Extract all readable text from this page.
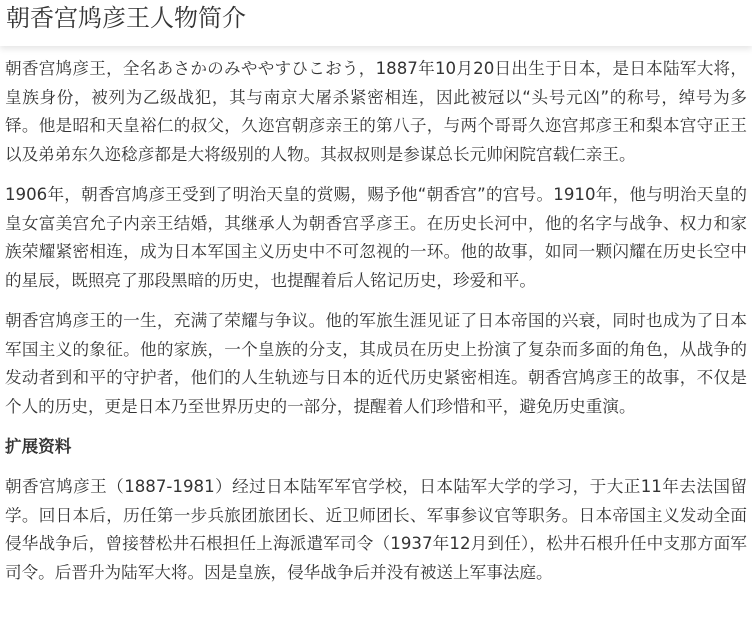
朝香宫鸠彦王人物简介

朝香宫鸠彦王，全名あさかのみややすひこおう，1887年10月20日出生于日本，是日本陆军大将，皇族身份，被列为乙级战犯，其与南京大屠杀紧密相连，因此被冠以“头号元凶”的称号，绰号为多铎。他是昭和天皇裕仁的叔父，久迩宫朝彦亲王的第八子，与两个哥哥久迩宫邦彦王和梨本宫守正王以及弟弟东久迩稔彦都是大将级别的人物。其叔叔则是参谋总长元帅闲院宫载仁亲王。

1906年，朝香宫鸠彦王受到了明治天皇的赏赐，赐予他“朝香宫”的宫号。1910年，他与明治天皇的皇女富美宫允子内亲王结婚，其继承人为朝香宫孚彦王。在历史长河中，他的名字与战争、权力和家族荣耀紧密相连，成为日本军国主义历史中不可忽视的一环。他的故事，如同一颗闪耀在历史长空中的星辰，既照亮了那段黑暗的历史，也提醒着后人铭记历史，珍爱和平。

朝香宫鸠彦王的一生，充满了荣耀与争议。他的军旅生涯见证了日本帝国的兴衰，同时也成为了日本军国主义的象征。他的家族，一个皇族的分支，其成员在历史上扮演了复杂而多面的角色，从战争的发动者到和平的守护者，他们的人生轨迹与日本的近代历史紧密相连。朝香宫鸠彦王的故事，不仅是个人的历史，更是日本乃至世界历史的一部分，提醒着人们珍惜和平，避免历史重演。

扩展资料

朝香宫鸠彦王（1887-1981）经过日本陆军军官学校，日本陆军大学的学习，于大正11年去法国留学。回日本后，历任第一步兵旅团旅团长、近卫师团长、军事参议官等职务。日本帝国主义发动全面侵华战争后，曾接替松井石根担任上海派遣军司令（1937年12月到任），松井石根升任中支那方面军司令。后晋升为陆军大将。因是皇族，侵华战争后并没有被送上军事法庭。
